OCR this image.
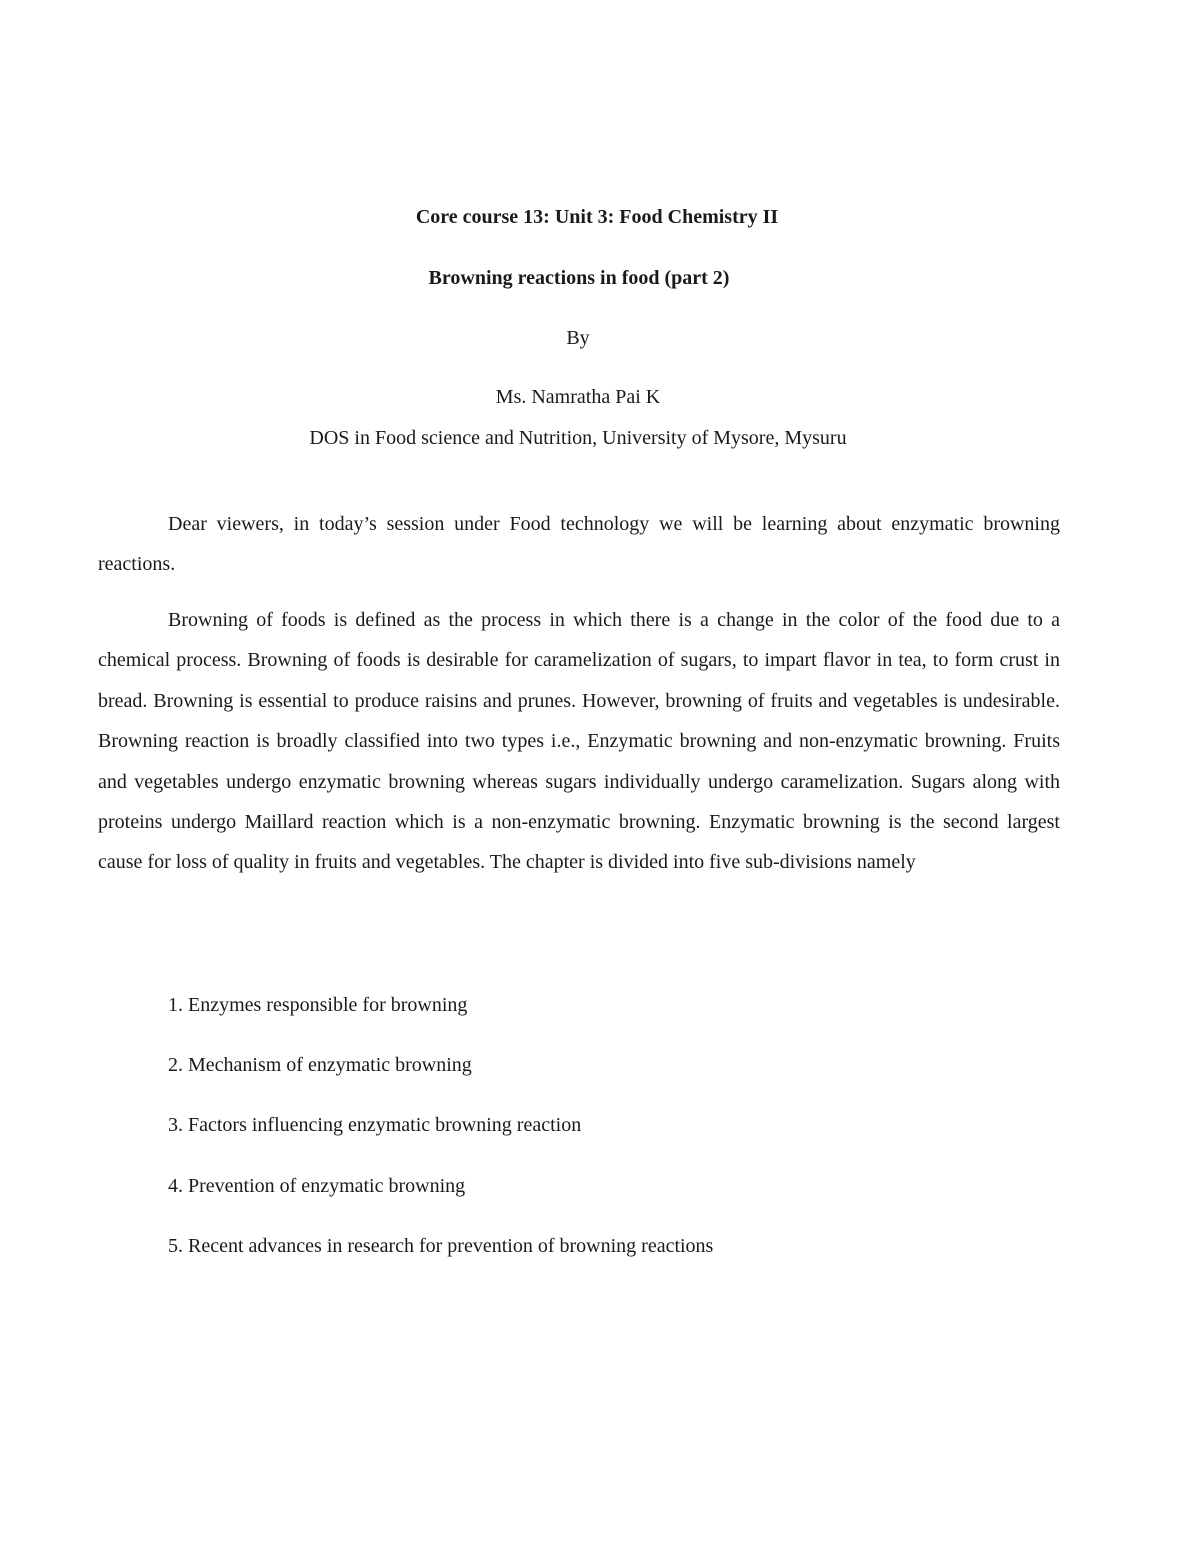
Core course 13: Unit 3: Food Chemistry II

Browning reactions in food (part 2)

By

Ms. Namratha Pai K

DOS in Food science and Nutrition, University of Mysore, Mysuru

Dear viewers, in today’s session under Food technology we will be learning about enzymatic browning reactions.

Browning of foods is defined as the process in which there is a change in the color of the food due to a chemical process. Browning of foods is desirable for caramelization of sugars, to impart flavor in tea, to form crust in bread. Browning is essential to produce raisins and prunes. However, browning of fruits and vegetables is undesirable. Browning reaction is broadly classified into two types i.e., Enzymatic browning and non-enzymatic browning. Fruits and vegetables undergo enzymatic browning whereas sugars individually undergo caramelization. Sugars along with proteins undergo Maillard reaction which is a non-enzymatic browning. Enzymatic browning is the second largest cause for loss of quality in fruits and vegetables. The chapter is divided into five sub-divisions namely

1. Enzymes responsible for browning

2. Mechanism of enzymatic browning

3. Factors influencing enzymatic browning reaction

4. Prevention of enzymatic browning

5. Recent advances in research for prevention of browning reactions
